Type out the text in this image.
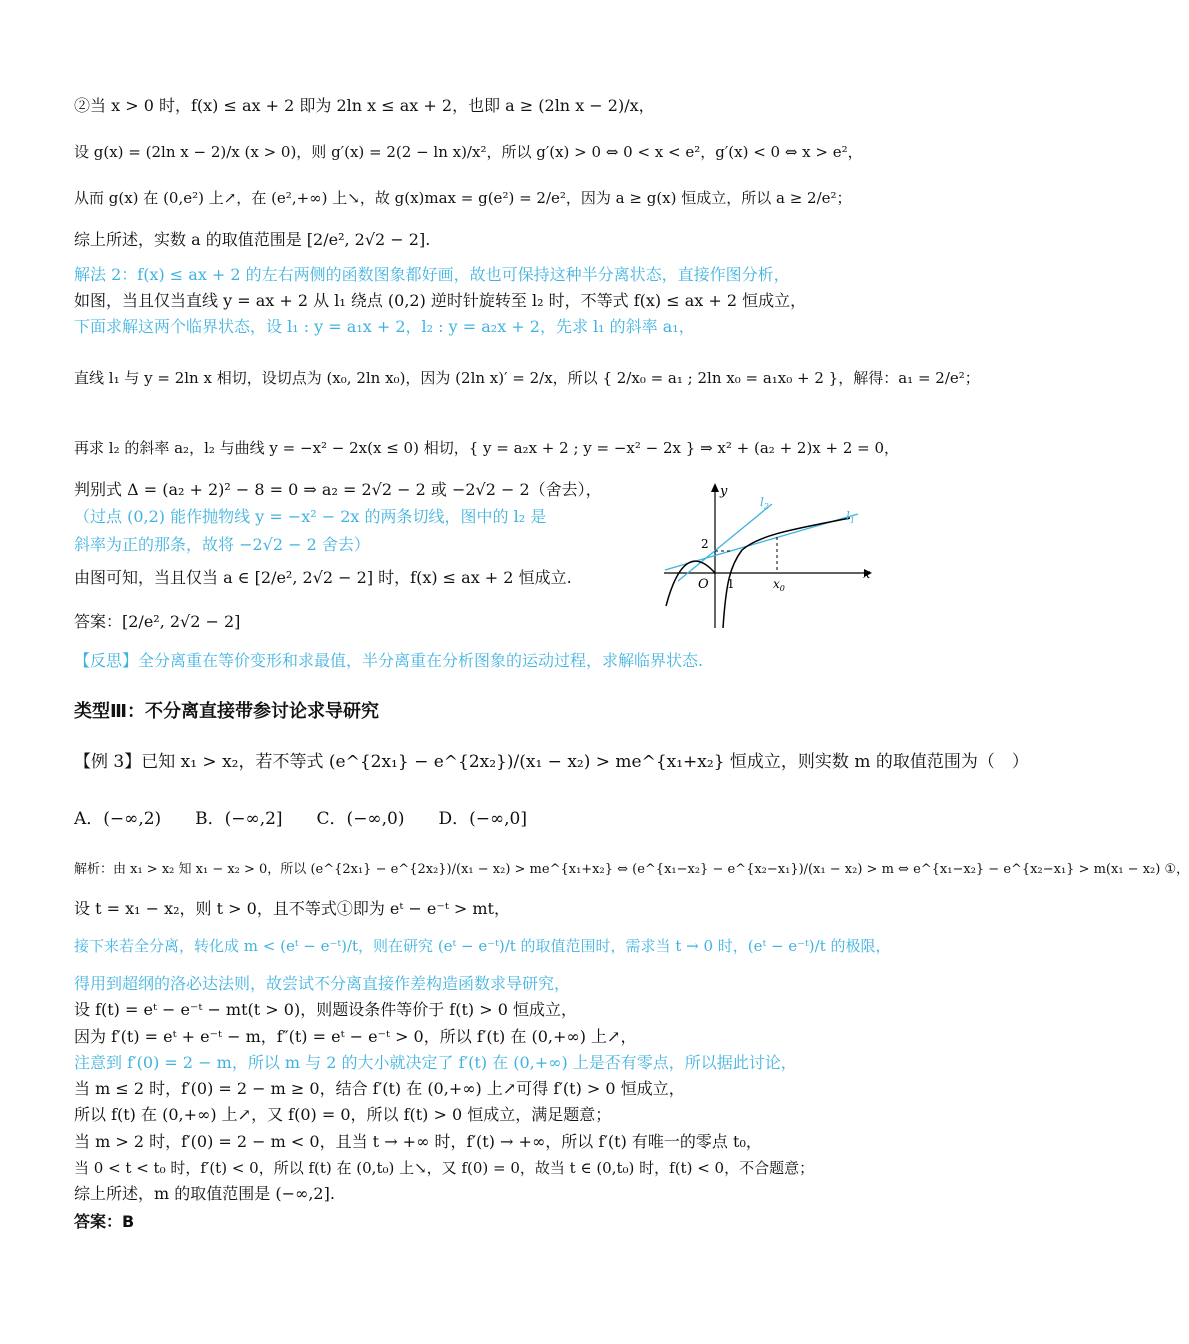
②当 x > 0 时，f(x) ≤ ax + 2 即为 2ln x ≤ ax + 2，也即 a ≥ (2ln x − 2)/x，
设 g(x) = (2ln x − 2)/x (x > 0)，则 g′(x) = 2(2 − ln x)/x²，所以 g′(x) > 0 ⇔ 0 < x < e²，g′(x) < 0 ⇔ x > e²，
从而 g(x) 在 (0,e²) 上↗，在 (e²,+∞) 上↘，故 g(x)max = g(e²) = 2/e²，因为 a ≥ g(x) 恒成立，所以 a ≥ 2/e²；
综上所述，实数 a 的取值范围是 [2/e², 2√2 − 2].
解法 2：f(x) ≤ ax + 2 的左右两侧的函数图象都好画，故也可保持这种半分离状态，直接作图分析，
如图，当且仅当直线 y = ax + 2 从 l₁ 绕点 (0,2) 逆时针旋转至 l₂ 时，不等式 f(x) ≤ ax + 2 恒成立，
下面求解这两个临界状态，设 l₁ : y = a₁x + 2，l₂ : y = a₂x + 2，先求 l₁ 的斜率 a₁，
直线 l₁ 与 y = 2ln x 相切，设切点为 (x₀, 2ln x₀)，因为 (2ln x)′ = 2/x，所以 { 2/x₀ = a₁ ; 2ln x₀ = a₁x₀ + 2 }，解得：a₁ = 2/e²；
再求 l₂ 的斜率 a₂，l₂ 与曲线 y = −x² − 2x(x ≤ 0) 相切，{ y = a₂x + 2 ; y = −x² − 2x } ⇒ x² + (a₂ + 2)x + 2 = 0，
判别式 Δ = (a₂ + 2)² − 8 = 0 ⇒ a₂ = 2√2 − 2 或 −2√2 − 2（舍去），
（过点 (0,2) 能作抛物线 y = −x² − 2x 的两条切线，图中的 l₂ 是
斜率为正的那条，故将 −2√2 − 2 舍去）
由图可知，当且仅当 a ∈ [2/e², 2√2 − 2] 时，f(x) ≤ ax + 2 恒成立.
答案：[2/e², 2√2 − 2]
【反思】全分离重在等价变形和求最值，半分离重在分析图象的运动过程，求解临界状态.
类型Ⅲ：不分离直接带参讨论求导研究
【例 3】已知 x₁ > x₂，若不等式 (e^{2x₁} − e^{2x₂})/(x₁ − x₂) > me^{x₁+x₂} 恒成立，则实数 m 的取值范围为（　）
A．(−∞,2)　　B．(−∞,2]　　C．(−∞,0)　　D．(−∞,0]
解析：由 x₁ > x₂ 知 x₁ − x₂ > 0，所以 (e^{2x₁} − e^{2x₂})/(x₁ − x₂) > me^{x₁+x₂} ⇔ (e^{x₁−x₂} − e^{x₂−x₁})/(x₁ − x₂) > m ⇔ e^{x₁−x₂} − e^{x₂−x₁} > m(x₁ − x₂) ①，
设 t = x₁ − x₂，则 t > 0，且不等式①即为 eᵗ − e⁻ᵗ > mt，
接下来若全分离，转化成 m < (eᵗ − e⁻ᵗ)/t，则在研究 (eᵗ − e⁻ᵗ)/t 的取值范围时，需求当 t → 0 时，(eᵗ − e⁻ᵗ)/t 的极限，
得用到超纲的洛必达法则，故尝试不分离直接作差构造函数求导研究，
设 f(t) = eᵗ − e⁻ᵗ − mt(t > 0)，则题设条件等价于 f(t) > 0 恒成立，
因为 f′(t) = eᵗ + e⁻ᵗ − m，f″(t) = eᵗ − e⁻ᵗ > 0，所以 f′(t) 在 (0,+∞) 上↗，
注意到 f′(0) = 2 − m，所以 m 与 2 的大小就决定了 f′(t) 在 (0,+∞) 上是否有零点，所以据此讨论，
当 m ≤ 2 时，f′(0) = 2 − m ≥ 0，结合 f′(t) 在 (0,+∞) 上↗可得 f′(t) > 0 恒成立，
所以 f(t) 在 (0,+∞) 上↗，又 f(0) = 0，所以 f(t) > 0 恒成立，满足题意；
当 m > 2 时，f′(0) = 2 − m < 0，且当 t → +∞ 时，f′(t) → +∞，所以 f′(t) 有唯一的零点 t₀，
当 0 < t < t₀ 时，f′(t) < 0，所以 f(t) 在 (0,t₀) 上↘，又 f(0) = 0，故当 t ∈ (0,t₀) 时，f(t) < 0，不合题意；
综上所述，m 的取值范围是 (−∞,2].
答案：B
y
x
O 1
2
$x_0$
$l_1$
$l_2$
